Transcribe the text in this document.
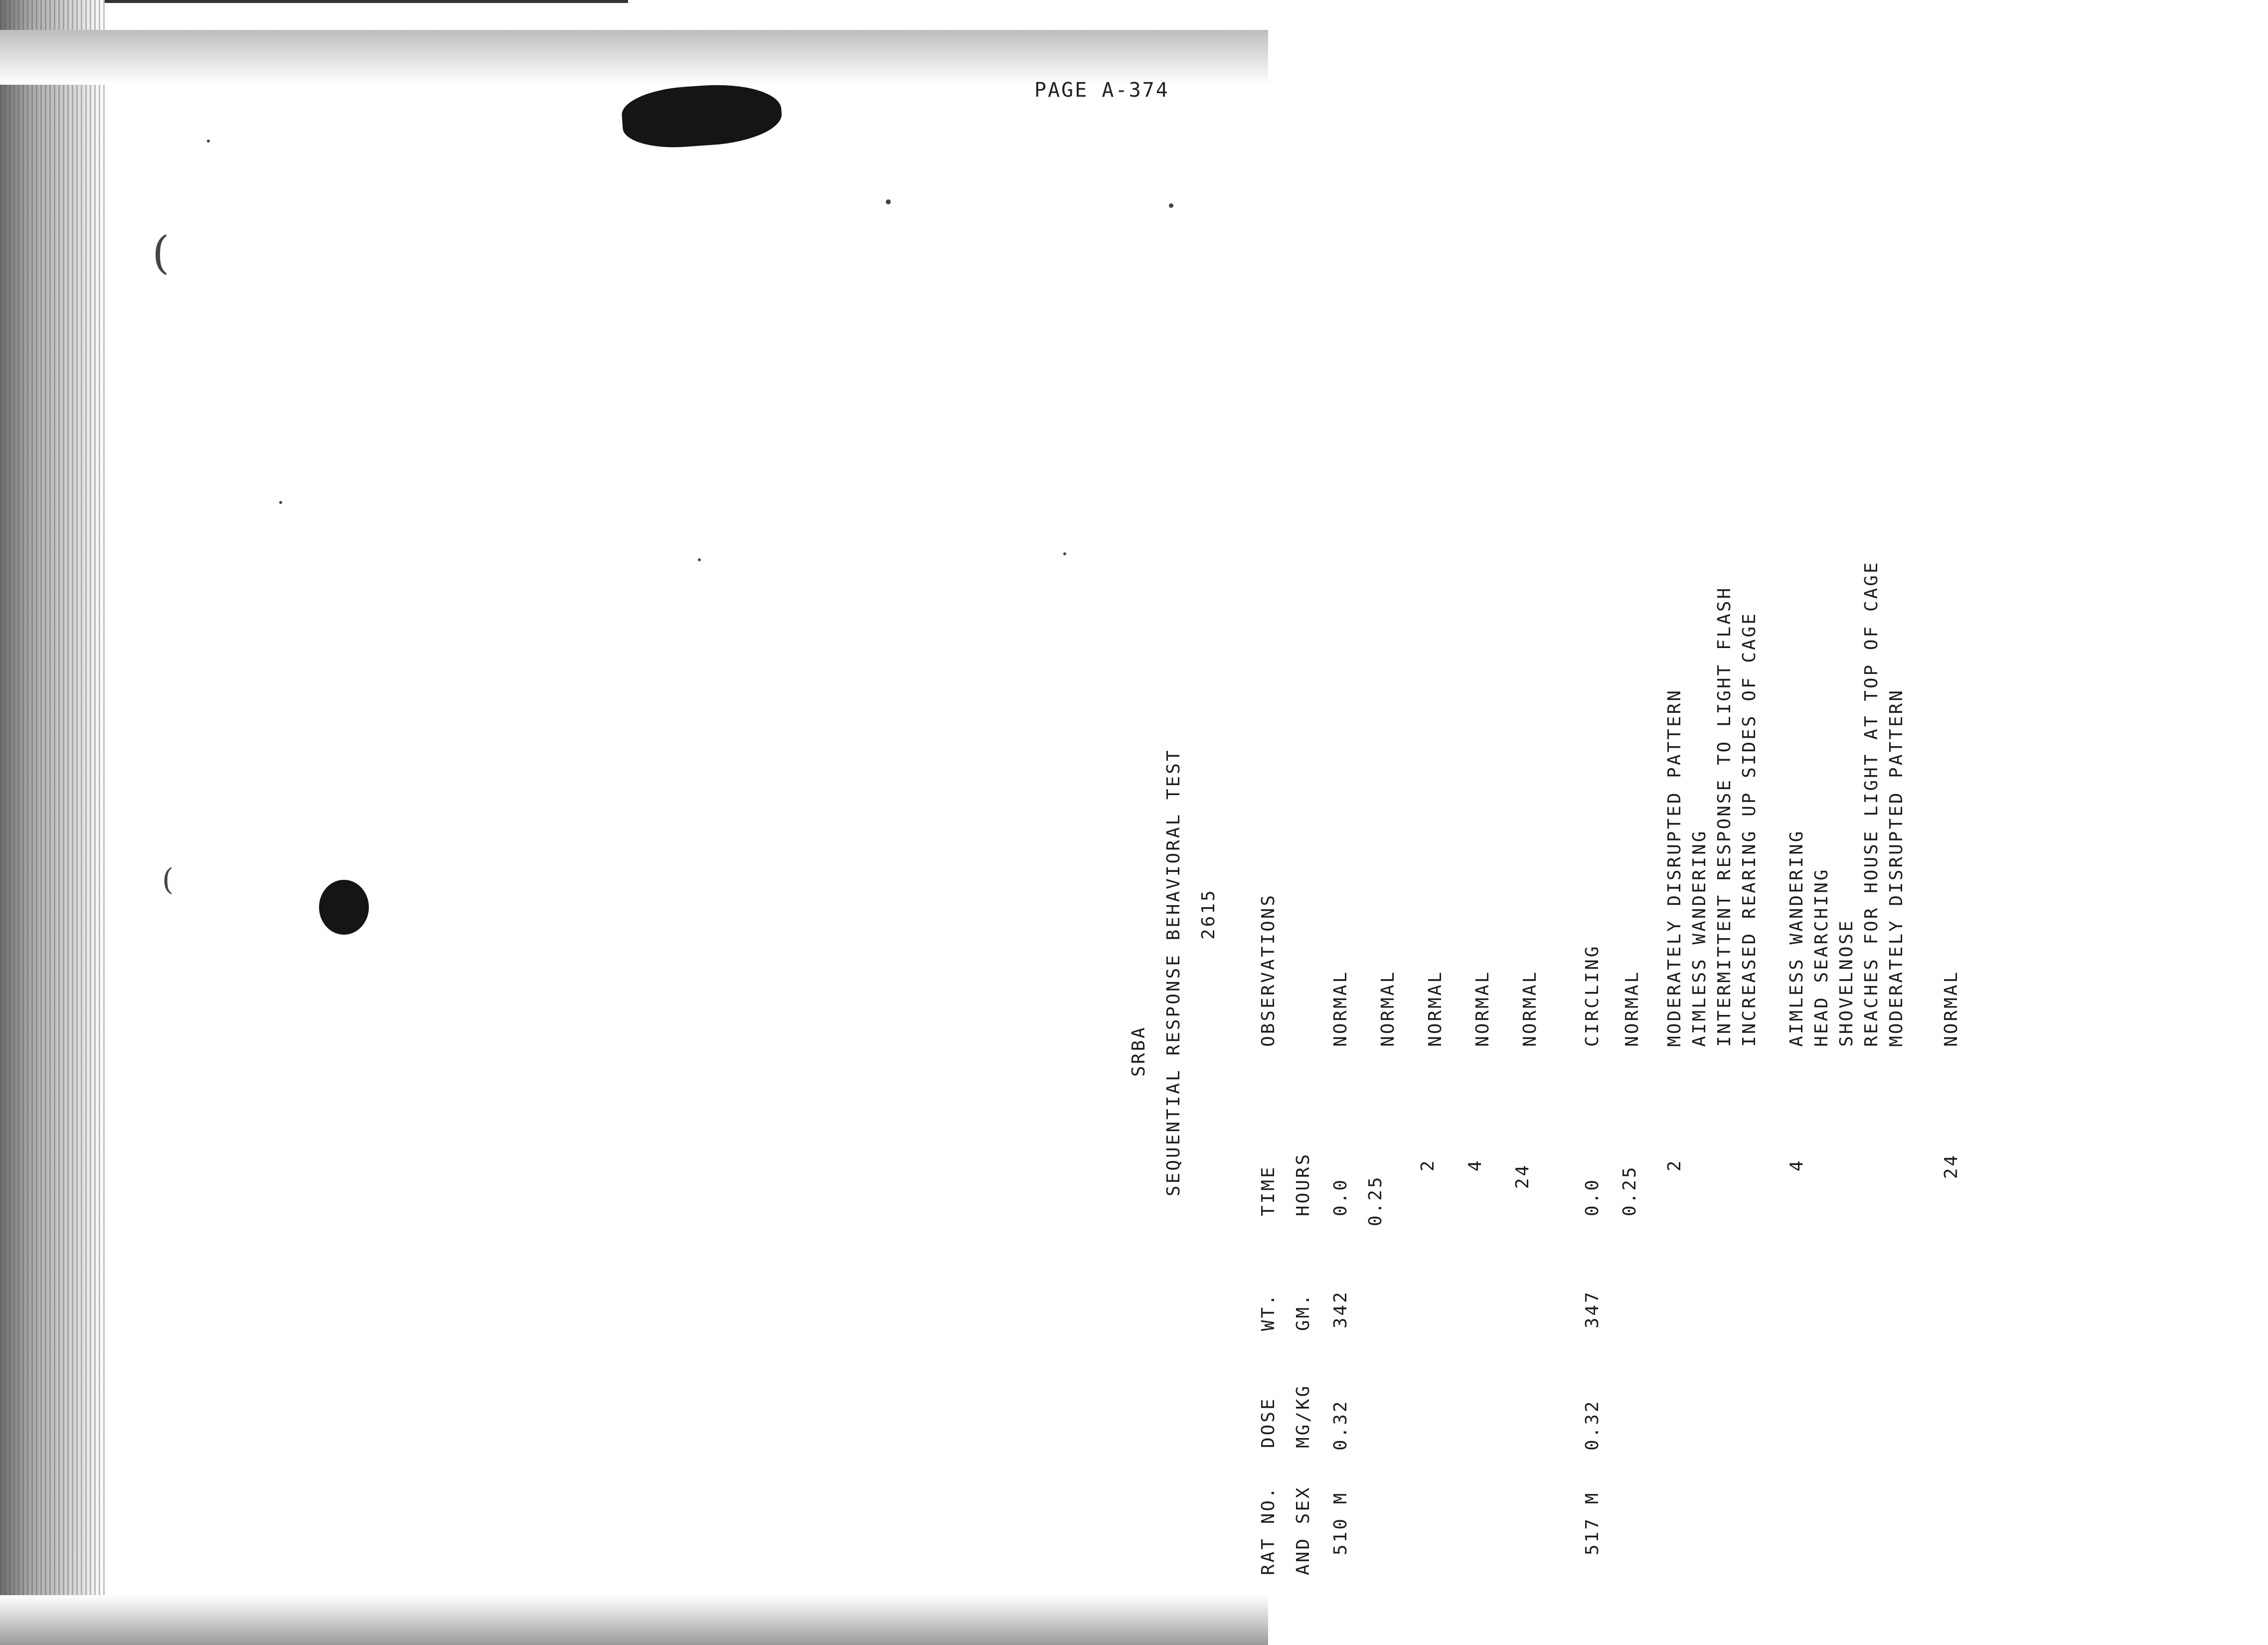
PAGE A-374
(
(
SRBA SEQUENTIAL RESPONSE BEHAVIORAL TEST 2615
RAT NO. AND SEX
DOSE MG/KG
WT. GM.
TIME HOURS
OBSERVATIONS
510 M
0.32
342
0.0
NORMAL
0.25
NORMAL
2
NORMAL
4
NORMAL
24
NORMAL
517 M
0.32
347
0.0
CIRCLING
0.25
NORMAL
2
MODERATELY DISRUPTED PATTERN AIMLESS WANDERING INTERMITTENT RESPONSE TO LIGHT FLASH INCREASED REARING UP SIDES OF CAGE
4
AIMLESS WANDERING HEAD SEARCHING SHOVELNOSE REACHES FOR HOUSE LIGHT AT TOP OF CAGE MODERATELY DISRUPTED PATTERN
24
NORMAL
